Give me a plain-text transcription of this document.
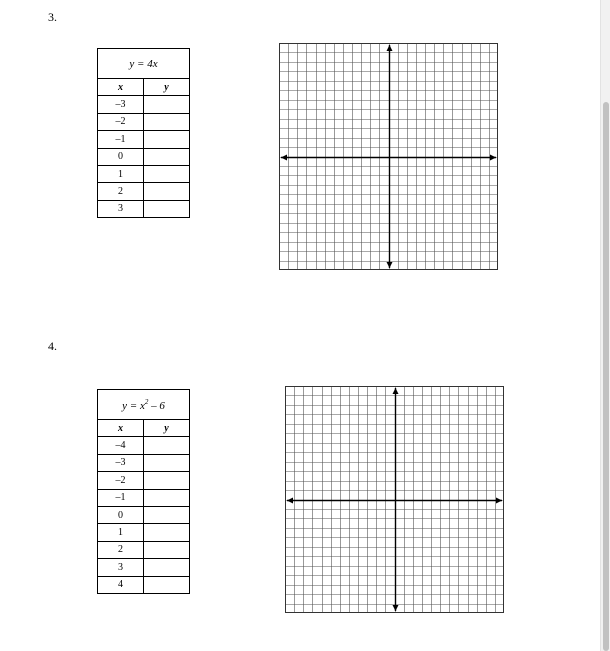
3.
y = 4x	
x	y
–3	
–2	
–1	
0	
1	
2	
3	
4.
$y = x^2 - 6$	
x	y
–4	
–3	
–2	
–1	
0	
1	
2	
3	
4	
